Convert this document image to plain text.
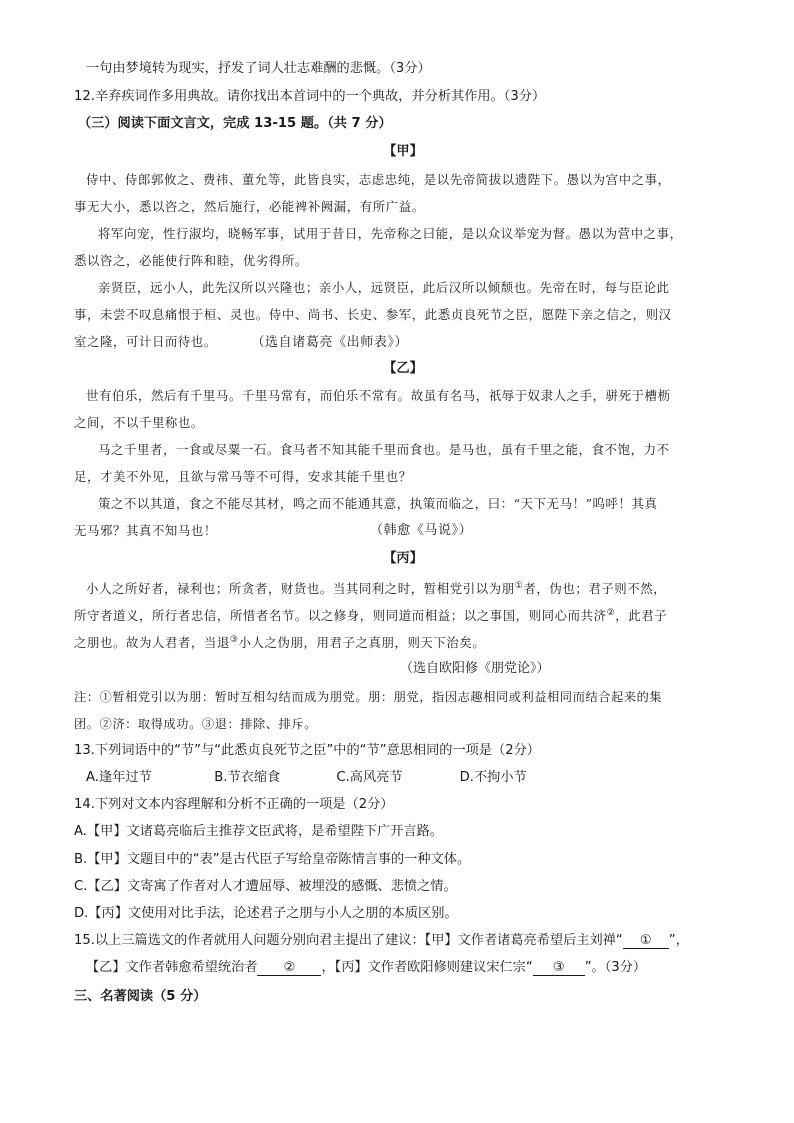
一句由梦境转为现实，抒发了词人壮志难酬的悲慨。（3分）
12.辛弃疾词作多用典故。请你找出本首词中的一个典故，并分析其作用。（3分）
（三）阅读下面文言文，完成 13-15 题。（共 7 分）
【甲】
侍中、侍郎郭攸之、费祎、董允等，此皆良实，志虑忠纯，是以先帝简拔以遗陛下。愚以为宫中之事，
事无大小，悉以咨之，然后施行，必能裨补阙漏，有所广益。
将军向宠，性行淑均，晓畅军事，试用于昔日，先帝称之曰能，是以众议举宠为督。愚以为营中之事，
悉以咨之，必能使行阵和睦，优劣得所。
亲贤臣，远小人，此先汉所以兴隆也；亲小人，远贤臣，此后汉所以倾颓也。先帝在时，每与臣论此
事，未尝不叹息痛恨于桓、灵也。侍中、尚书、长史、参军，此悉贞良死节之臣，愿陛下亲之信之，则汉
室之隆，可计日而待也。	（选自诸葛亮《出师表》）
【乙】
世有伯乐，然后有千里马。千里马常有，而伯乐不常有。故虽有名马，祇辱于奴隶人之手，骈死于槽枥
之间，不以千里称也。
马之千里者，一食或尽粟一石。食马者不知其能千里而食也。是马也，虽有千里之能，食不饱，力不
足，才美不外见，且欲与常马等不可得，安求其能千里也？
策之不以其道，食之不能尽其材，鸣之而不能通其意，执策而临之，曰：“天下无马！”呜呼！其真
无马邪？其真不知马也！	（韩愈《马说》）
【丙】
小人之所好者，禄利也；所贪者，财货也。当其同利之时，暂相党引以为朋①者，伪也；君子则不然，
所守者道义，所行者忠信，所惜者名节。以之修身，则同道而相益；以之事国，则同心而共济②，此君子
之朋也。故为人君者，当退③小人之伪朋，用君子之真朋，则天下治矣。
（选自欧阳修《朋党论》）
注：①暂相党引以为朋：暂时互相勾结而成为朋党。朋：朋党，指因志趣相同或利益相同而结合起来的集
团。②济：取得成功。③退：排除、排斥。
13.下列词语中的“节”与“此悉贞良死节之臣”中的“节”意思相同的一项是（2分）
A.逢年过节	B.节衣缩食	C.高风亮节	D.不拘小节
14.下列对文本内容理解和分析不正确的一项是（2分）
A.【甲】文诸葛亮临后主推荐文臣武将，是希望陛下广开言路。
B.【甲】文题目中的“表”是古代臣子写给皇帝陈情言事的一种文体。
C.【乙】文寄寓了作者对人才遭屈辱、被埋没的感慨、悲愤之情。
D.【丙】文使用对比手法，论述君子之朋与小人之朋的本质区别。
15.以上三篇选文的作者就用人问题分别向君主提出了建议：【甲】文作者诸葛亮希望后主刘禅“ ① ”，
【乙】文作者韩愈希望统治者 ② ，【丙】文作者欧阳修则建议宋仁宗“ ③ ”。（3分）
三、名著阅读（5 分）
